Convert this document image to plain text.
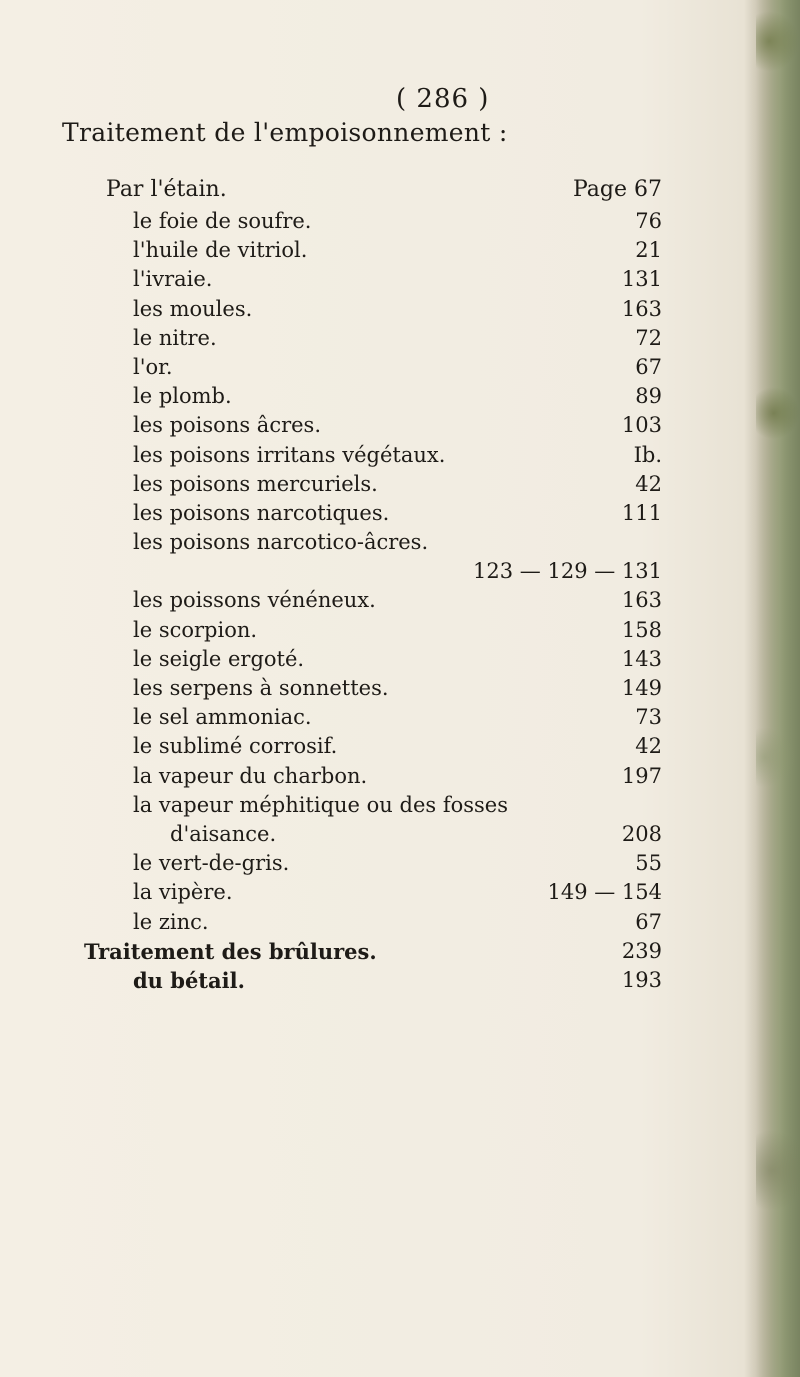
( 286 )
Traitement de l'empoisonnement :
Par l'étain.	Page 67
le foie de soufre.	76
l'huile de vitriol.	21
l'ivraie.	131
les moules.	163
le nitre.	72
l'or.	67
le plomb.	89
les poisons âcres.	103
les poisons irritans végétaux.	Ib.
les poisons mercuriels.	42
les poisons narcotiques.	111
les poisons narcotico-âcres.
123 — 129 — 131
les poissons vénéneux.	163
le scorpion.	158
le seigle ergoté.	143
les serpens à sonnettes.	149
le sel ammoniac.	73
le sublimé corrosif.	42
la vapeur du charbon.	197
la vapeur méphitique ou des fosses
d'aisance.	208
le vert-de-gris.	55
la vipère.	149 — 154
le zinc.	67
Traitement des brûlures.	239
du bétail.	193
